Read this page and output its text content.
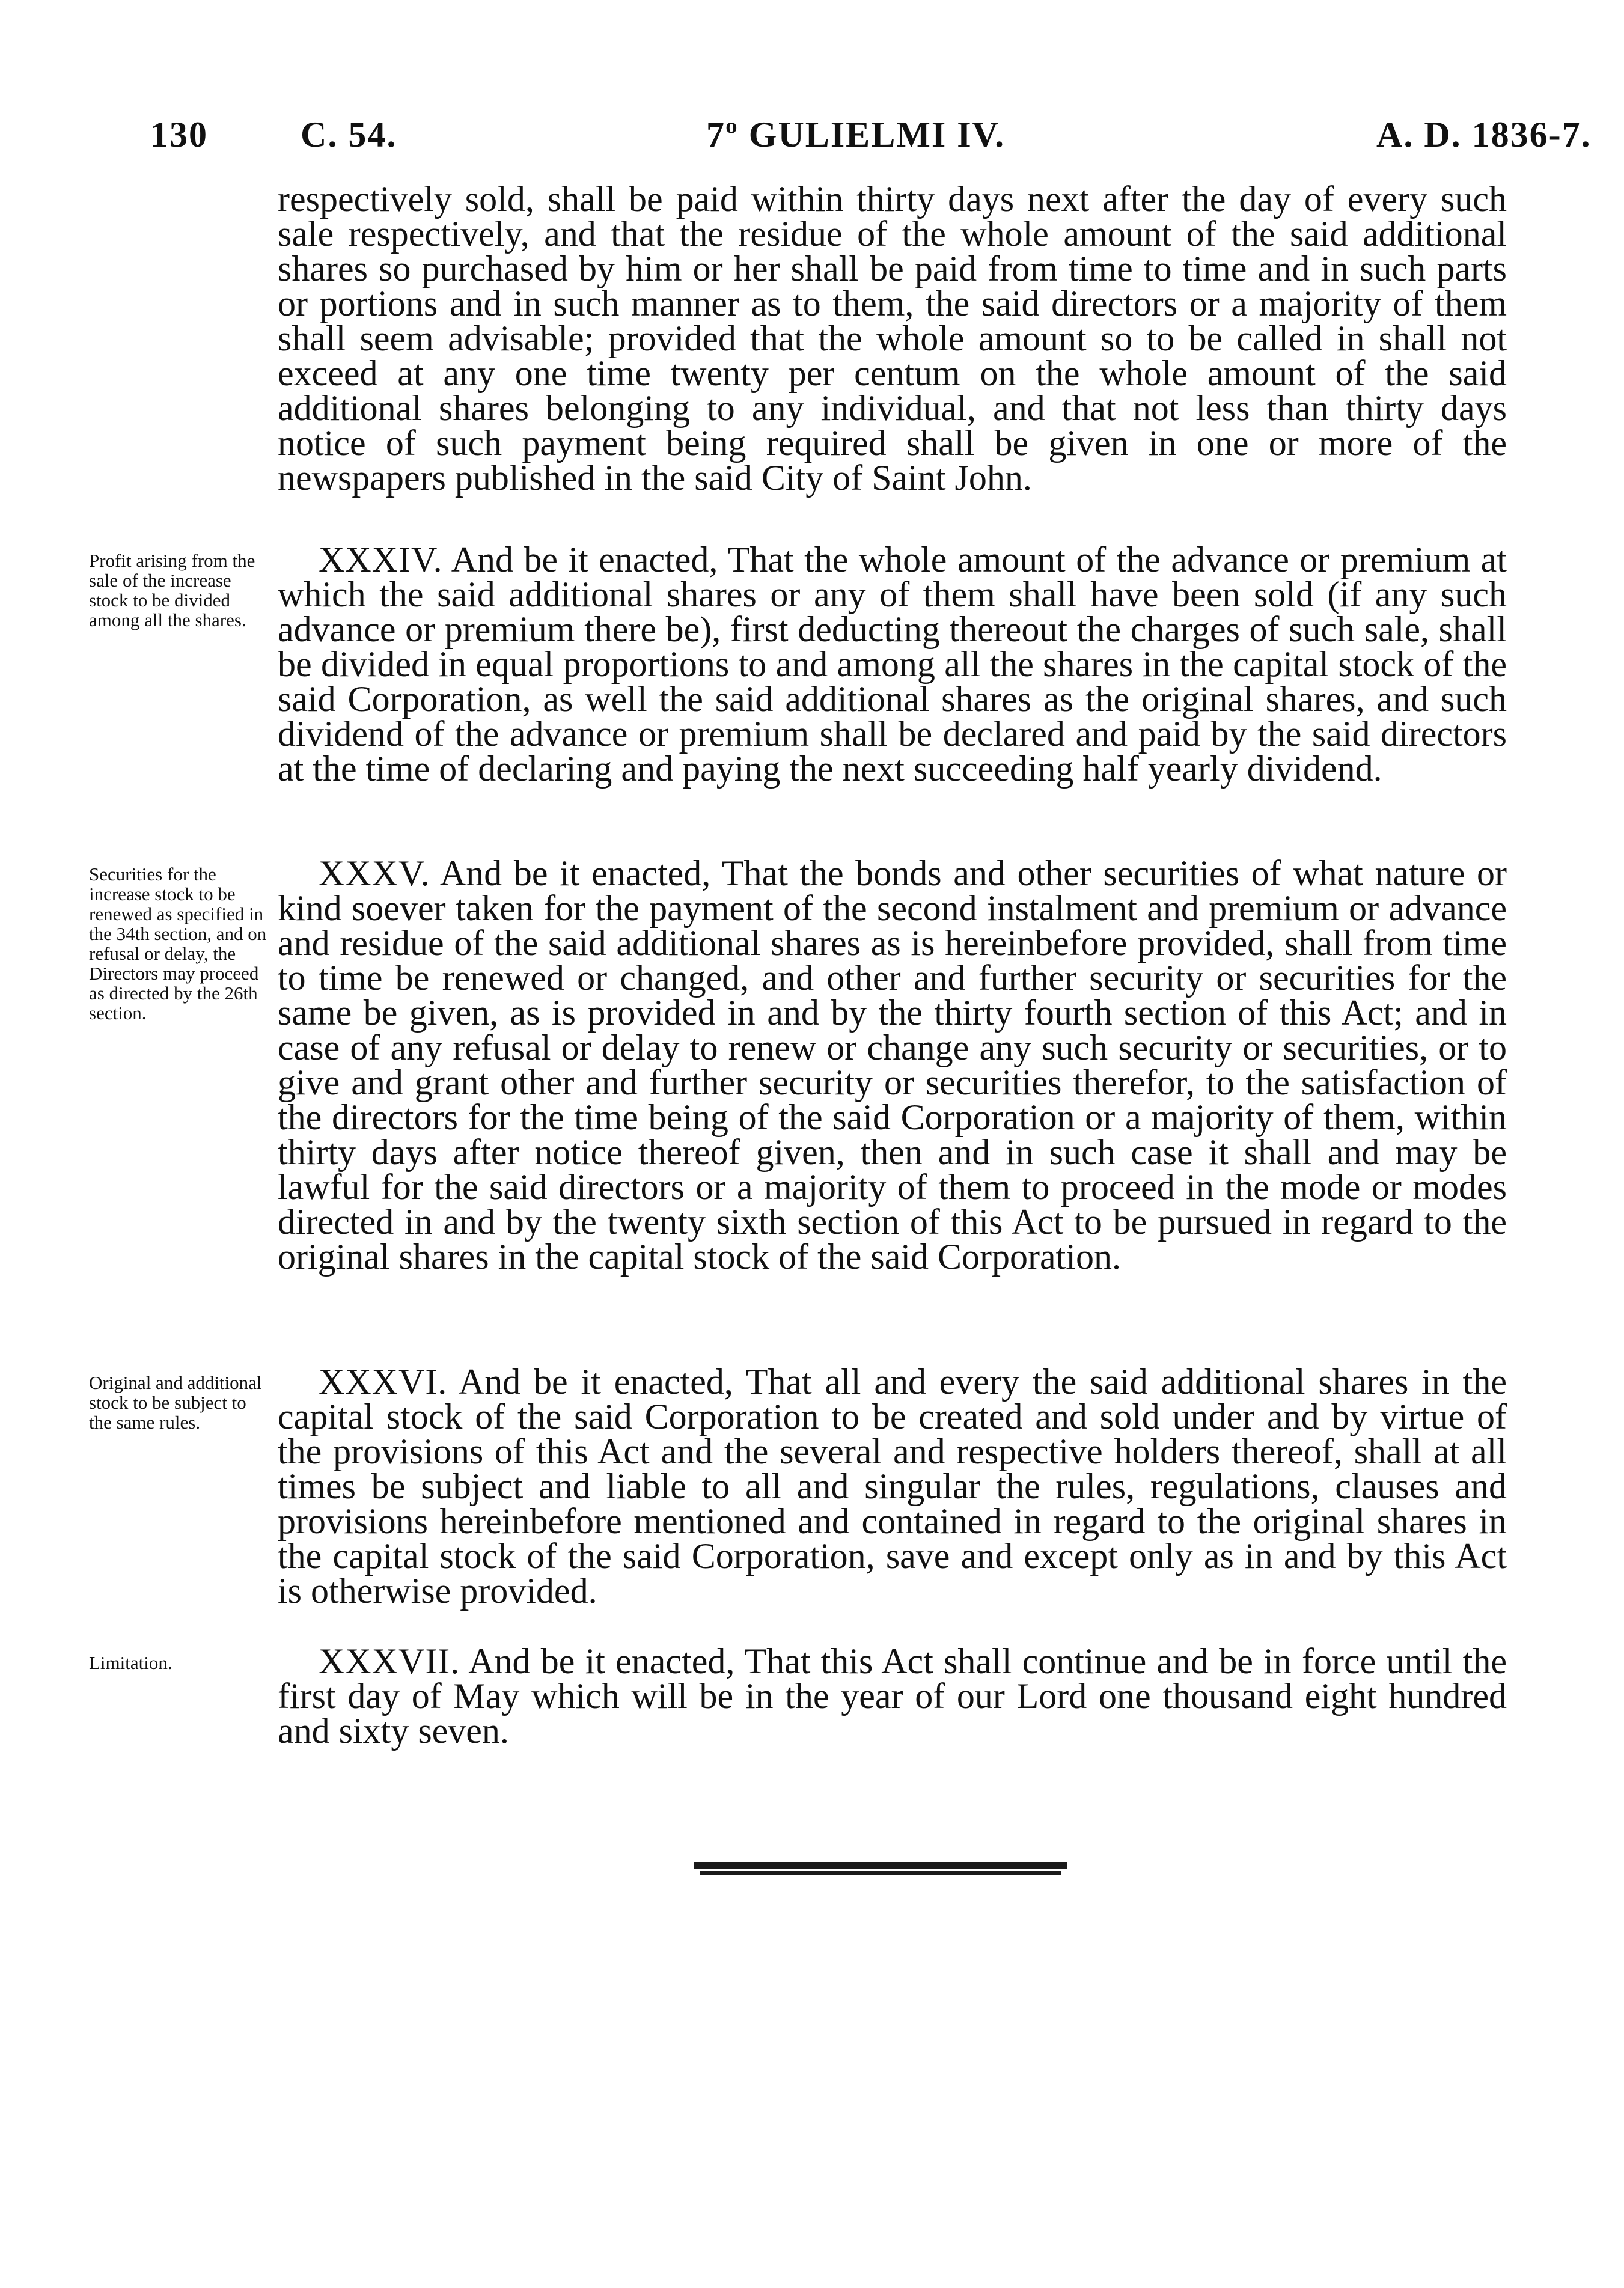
130	C. 54.	7º GULIELMI IV.	A. D. 1836-7.

respectively sold, shall be paid within thirty days next after the day of every such sale respectively, and that the residue of the whole amount of the said additional shares so purchased by him or her shall be paid from time to time and in such parts or portions and in such manner as to them, the said directors or a majority of them shall seem advisable; provided that the whole amount so to be called in shall not exceed at any one time twenty per centum on the whole amount of the said additional shares belonging to any individual, and that not less than thirty days notice of such payment being required shall be given in one or more of the newspapers published in the said City of Saint John.

Profit arising from the sale of the increase stock to be divided among all the shares.

XXXIV. And be it enacted, That the whole amount of the advance or premium at which the said additional shares or any of them shall have been sold (if any such advance or premium there be), first deducting thereout the charges of such sale, shall be divided in equal proportions to and among all the shares in the capital stock of the said Corporation, as well the said additional shares as the original shares, and such dividend of the advance or premium shall be declared and paid by the said directors at the time of declaring and paying the next succeeding half yearly dividend.

Securities for the increase stock to be renewed as specified in the 34th section, and on refusal or delay, the Directors may proceed as directed by the 26th section.

XXXV. And be it enacted, That the bonds and other securities of what nature or kind soever taken for the payment of the second instalment and premium or advance and residue of the said additional shares as is hereinbefore provided, shall from time to time be renewed or changed, and other and further security or securities for the same be given, as is provided in and by the thirty fourth section of this Act; and in case of any refusal or delay to renew or change any such security or securities, or to give and grant other and further security or securities therefor, to the satisfaction of the directors for the time being of the said Corporation or a majority of them, within thirty days after notice thereof given, then and in such case it shall and may be lawful for the said directors or a majority of them to proceed in the mode or modes directed in and by the twenty sixth section of this Act to be pursued in regard to the original shares in the capital stock of the said Corporation.

Original and additional stock to be subject to the same rules.

XXXVI. And be it enacted, That all and every the said additional shares in the capital stock of the said Corporation to be created and sold under and by virtue of the provisions of this Act and the several and respective holders thereof, shall at all times be subject and liable to all and singular the rules, regulations, clauses and provisions hereinbefore mentioned and contained in regard to the original shares in the capital stock of the said Corporation, save and except only as in and by this Act is otherwise provided.

Limitation.	XXXVII. And be it enacted, That this Act shall continue and be in force until the first day of May which will be in the year of our Lord one thousand eight hundred and sixty seven.
